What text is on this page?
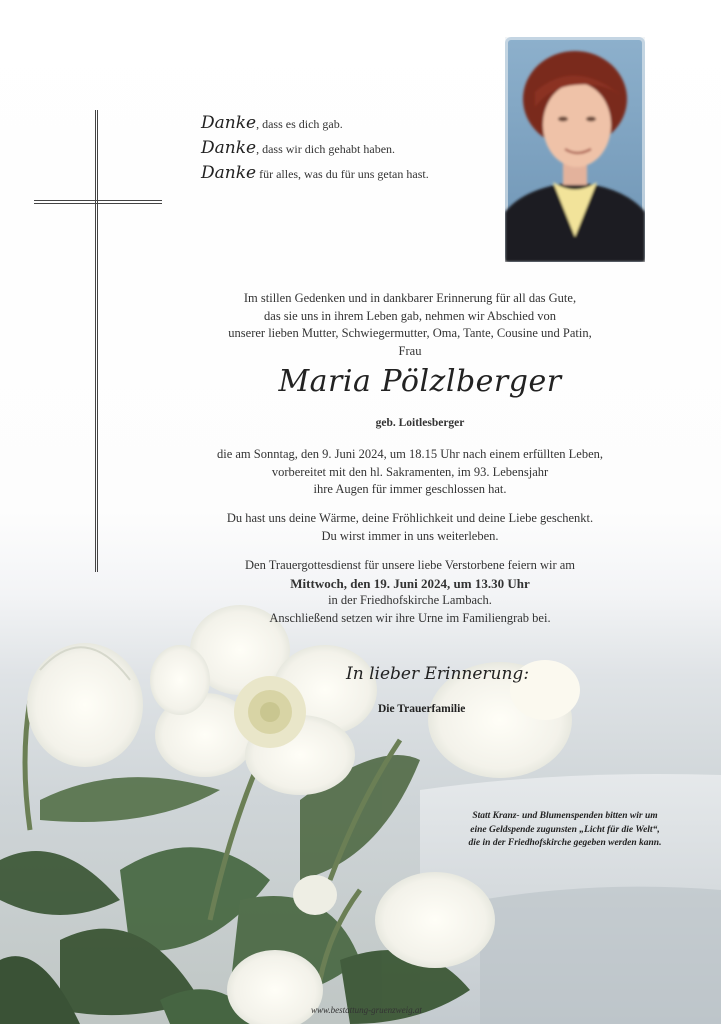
Danke, dass es dich gab.
Danke, dass wir dich gehabt haben.
Danke für alles, was du für uns getan hast.
Im stillen Gedenken und in dankbarer Erinnerung für all das Gute,
das sie uns in ihrem Leben gab, nehmen wir Abschied von
unserer lieben Mutter, Schwiegermutter, Oma, Tante, Cousine und Patin,
Frau
Maria Pölzlberger
geb. Loitlesberger
die am Sonntag, den 9. Juni 2024, um 18.15 Uhr nach einem erfüllten Leben,
vorbereitet mit den hl. Sakramenten, im 93. Lebensjahr
ihre Augen für immer geschlossen hat.
Du hast uns deine Wärme, deine Fröhlichkeit und deine Liebe geschenkt.
Du wirst immer in uns weiterleben.
Den Trauergottesdienst für unsere liebe Verstorbene feiern wir am
Mittwoch, den 19. Juni 2024, um 13.30 Uhr
in der Friedhofskirche Lambach.
Anschließend setzen wir ihre Urne im Familiengrab bei.
In lieber Erinnerung:
Die Trauerfamilie
Statt Kranz- und Blumenspenden bitten wir um
eine Geldspende zugunsten „Licht für die Welt“,
die in der Friedhofskirche gegeben werden kann.
www.bestattung-gruenzweig.at
